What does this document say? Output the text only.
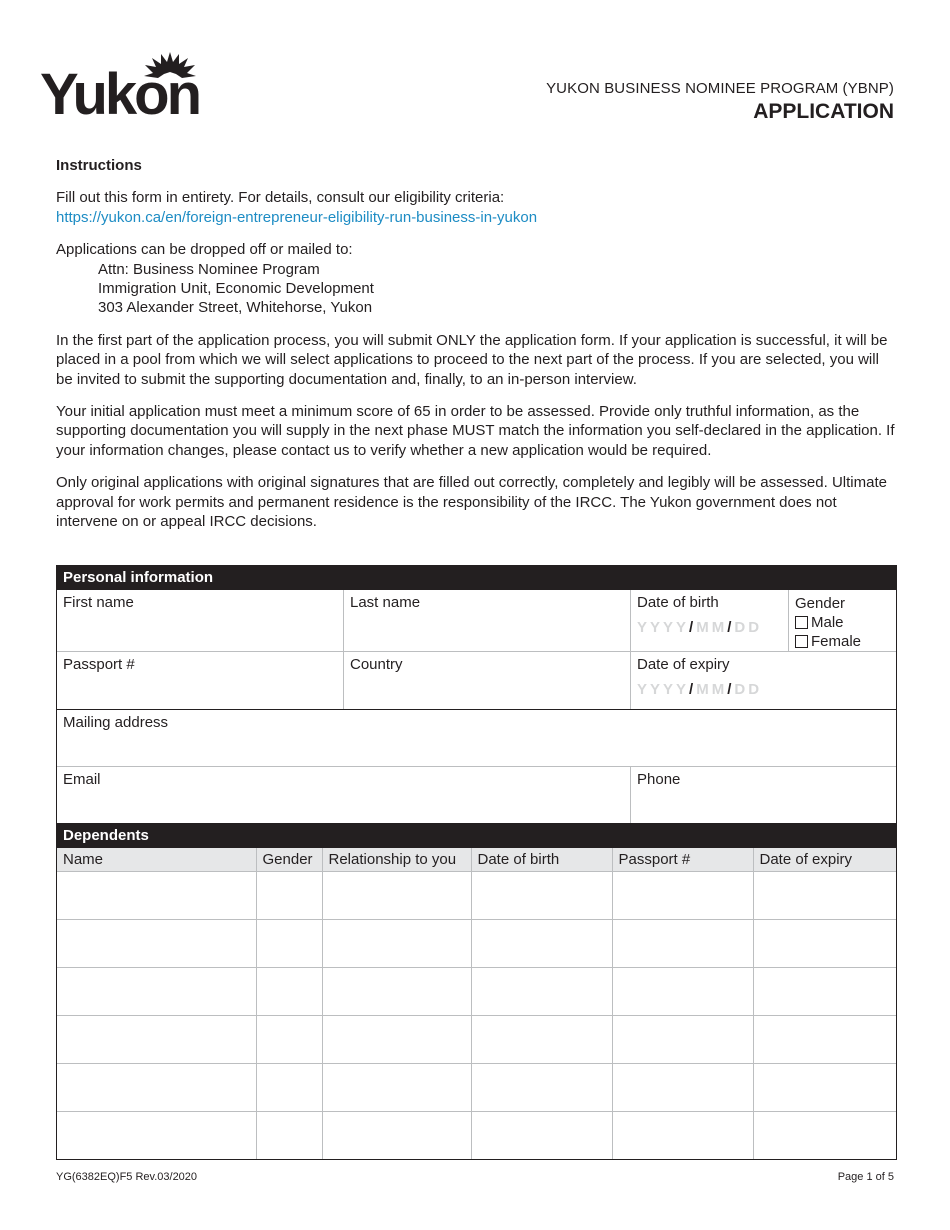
Yukon	YUKON BUSINESS NOMINEE PROGRAM (YBNP)
APPLICATION

Instructions

Fill out this form in entirety. For details, consult our eligibility criteria:

https://yukon.ca/en/foreign-entrepreneur-eligibility-run-business-in-yukon

Applications can be dropped off or mailed to:

Attn: Business Nominee Program

Immigration Unit, Economic Development

303 Alexander Street, Whitehorse, Yukon

In the first part of the application process, you will submit ONLY the application form. If your application is successful, it will be placed in a pool from which we will select applications to proceed to the next part of the process. If you are selected, you will be invited to submit the supporting documentation and, finally, to an in-person interview.

Your initial application must meet a minimum score of 65 in order to be assessed. Provide only truthful information, as the supporting documentation you will supply in the next phase MUST match the information you self-declared in the application. If your information changes, please contact us to verify whether a new application would be required.

Only original applications with original signatures that are filled out correctly, completely and legibly will be assessed. Ultimate approval for work permits and permanent residence is the responsibility of the IRCC. The Yukon government does not intervene on or appeal IRCC decisions.

Personal information
First name	Last name	Date of birth
YYYY/MM/DD
Gender
Male
Female
Passport #	Country	Date of expiry
YYYY/MM/DD
Mailing address
Email	Phone
Dependents
Name	Gender	Relationship to you	Date of birth	Passport #	Date of expiry

YG(6382EQ)F5 Rev.03/2020	Page 1 of 5
